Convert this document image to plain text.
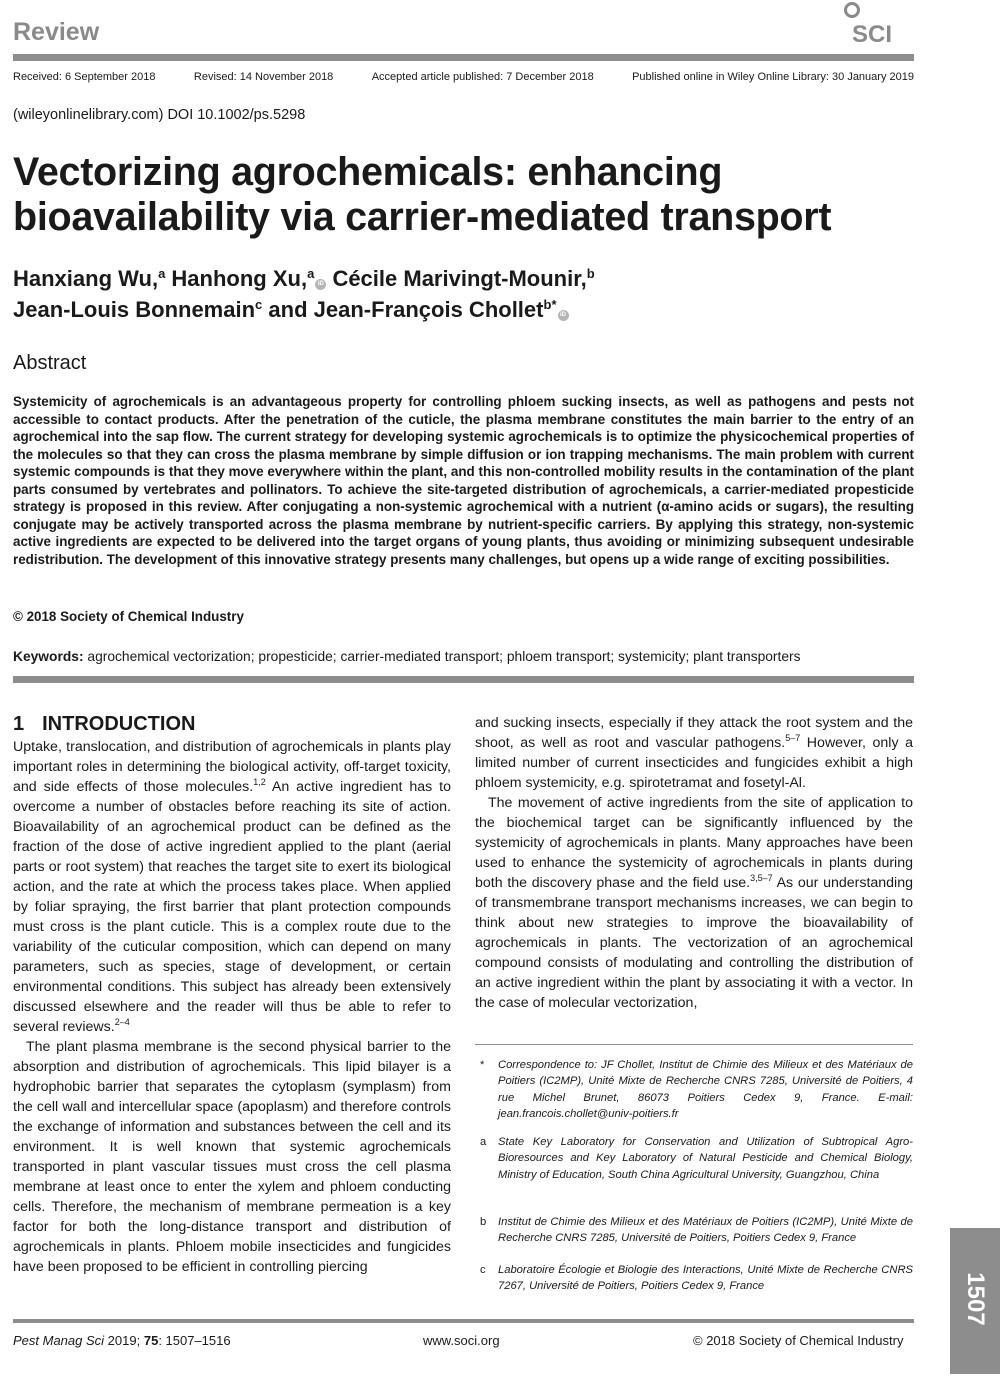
Review	SCI
Received: 6 September 2018	Revised: 14 November 2018	Accepted article published: 7 December 2018	Published online in Wiley Online Library: 30 January 2019
(wileyonlinelibrary.com) DOI 10.1002/ps.5298
Vectorizing agrochemicals: enhancing
bioavailability via carrier-mediated transport
Hanxiang Wu,$^a$ Hanhong Xu,$^a$iD Cécile Marivingt-Mounir,$^b$
Jean-Louis Bonnemain$^c$ and Jean-François Chollet$^{b*}$iD
Abstract

Systemicity of agrochemicals is an advantageous property for controlling phloem sucking insects, as well as pathogens and pests not accessible to contact products. After the penetration of the cuticle, the plasma membrane constitutes the main barrier to the entry of an agrochemical into the sap flow. The current strategy for developing systemic agrochemicals is to optimize the physicochemical properties of the molecules so that they can cross the plasma membrane by simple diffusion or ion trapping mechanisms. The main problem with current systemic compounds is that they move everywhere within the plant, and this non-controlled mobility results in the contamination of the plant parts consumed by vertebrates and pollinators. To achieve the site-targeted distribution of agrochemicals, a carrier-mediated propesticide strategy is proposed in this review. After conjugating a non-systemic agrochemical with a nutrient (α-amino acids or sugars), the resulting conjugate may be actively transported across the plasma membrane by nutrient-specific carriers. By applying this strategy, non-systemic active ingredients are expected to be delivered into the target organs of young plants, thus avoiding or minimizing subsequent undesirable redistribution. The development of this innovative strategy presents many challenges, but opens up a wide range of exciting possibilities.

© 2018 Society of Chemical Industry
Keywords: agrochemical vectorization; propesticide; carrier-mediated transport; phloem transport; systemicity; plant transporters
1 INTRODUCTION

Uptake, translocation, and distribution of agrochemicals in plants play important roles in determining the biological activity, off-target toxicity, and side effects of those molecules.$^{1,2}$ An active ingredient has to overcome a number of obstacles before reaching its site of action. Bioavailability of an agrochemical product can be defined as the fraction of the dose of active ingredient applied to the plant (aerial parts or root system) that reaches the target site to exert its biological action, and the rate at which the process takes place. When applied by foliar spraying, the first barrier that plant protection compounds must cross is the plant cuticle. This is a complex route due to the variability of the cuticular composition, which can depend on many parameters, such as species, stage of development, or certain environmental conditions. This subject has already been extensively discussed elsewhere and the reader will thus be able to refer to several reviews.$^{2-4}$

The plant plasma membrane is the second physical barrier to the absorption and distribution of agrochemicals. This lipid bilayer is a hydrophobic barrier that separates the cytoplasm (symplasm) from the cell wall and intercellular space (apoplasm) and therefore controls the exchange of information and substances between the cell and its environment. It is well known that systemic agrochemicals transported in plant vascular tissues must cross the cell plasma membrane at least once to enter the xylem and phloem conducting cells. Therefore, the mechanism of membrane permeation is a key factor for both the long-distance transport and distribution of agrochemicals in plants. Phloem mobile insecticides and fungicides have been proposed to be efficient in controlling piercing

and sucking insects, especially if they attack the root system and the shoot, as well as root and vascular pathogens.$^{5-7}$ However, only a limited number of current insecticides and fungicides exhibit a high phloem systemicity, e.g. spirotetramat and fosetyl-Al.

The movement of active ingredients from the site of application to the biochemical target can be significantly influenced by the systemicity of agrochemicals in plants. Many approaches have been used to enhance the systemicity of agrochemicals in plants during both the discovery phase and the field use.$^{3,5-7}$ As our understanding of transmembrane transport mechanisms increases, we can begin to think about new strategies to improve the bioavailability of agrochemicals in plants. The vectorization of an agrochemical compound consists of modulating and controlling the distribution of an active ingredient within the plant by associating it with a vector. In the case of molecular vectorization,

*	Correspondence to: JF Chollet, Institut de Chimie des Milieux et des Matériaux de Poitiers (IC2MP), Unité Mixte de Recherche CNRS 7285, Université de Poitiers, 4 rue Michel Brunet, 86073 Poitiers Cedex 9, France. E-mail: jean.francois.chollet@univ-poitiers.fr
a	State Key Laboratory for Conservation and Utilization of Subtropical Agro-Bioresources and Key Laboratory of Natural Pesticide and Chemical Biology, Ministry of Education, South China Agricultural University, Guangzhou, China
b	Institut de Chimie des Milieux et des Matériaux de Poitiers (IC2MP), Unité Mixte de Recherche CNRS 7285, Université de Poitiers, Poitiers Cedex 9, France
c	Laboratoire Écologie et Biologie des Interactions, Unité Mixte de Recherche CNRS 7267, Université de Poitiers, Poitiers Cedex 9, France
Pest Manag Sci 2019; 75: 1507–1516	www.soci.org	© 2018 Society of Chemical Industry
1507
